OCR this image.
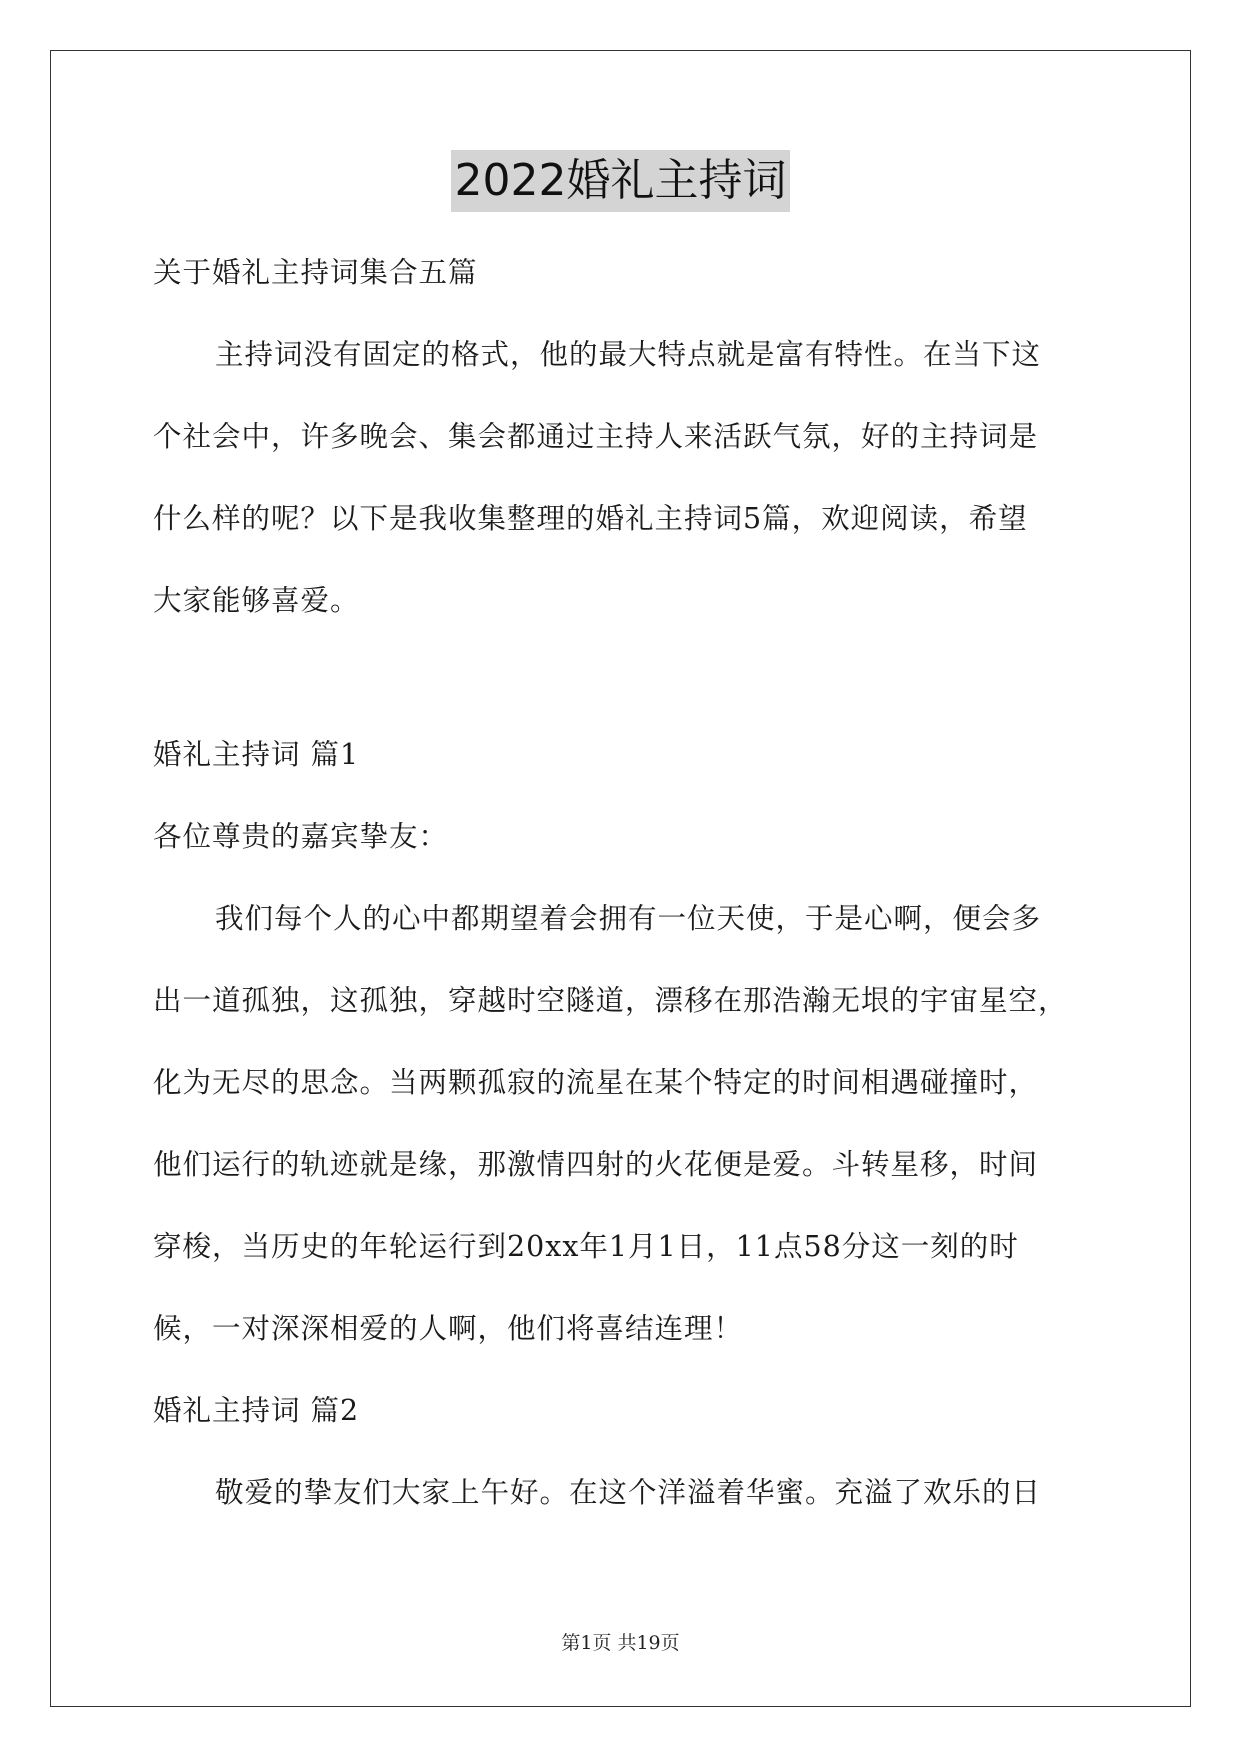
2022婚礼主持词
关于婚礼主持词集合五篇
主持词没有固定的格式，他的最大特点就是富有特性。在当下这
个社会中，许多晚会、集会都通过主持人来活跃气氛，好的主持词是
什么样的呢？以下是我收集整理的婚礼主持词5篇，欢迎阅读，希望
大家能够喜爱。
婚礼主持词 篇1
各位尊贵的嘉宾挚友：
我们每个人的心中都期望着会拥有一位天使，于是心啊，便会多
出一道孤独，这孤独，穿越时空隧道，漂移在那浩瀚无垠的宇宙星空，
化为无尽的思念。当两颗孤寂的流星在某个特定的时间相遇碰撞时，
他们运行的轨迹就是缘，那激情四射的火花便是爱。斗转星移，时间
穿梭，当历史的年轮运行到20xx年1月1日，11点58分这一刻的时
候，一对深深相爱的人啊，他们将喜结连理！
婚礼主持词 篇2
敬爱的挚友们大家上午好。在这个洋溢着华蜜。充溢了欢乐的日
第1页 共19页
